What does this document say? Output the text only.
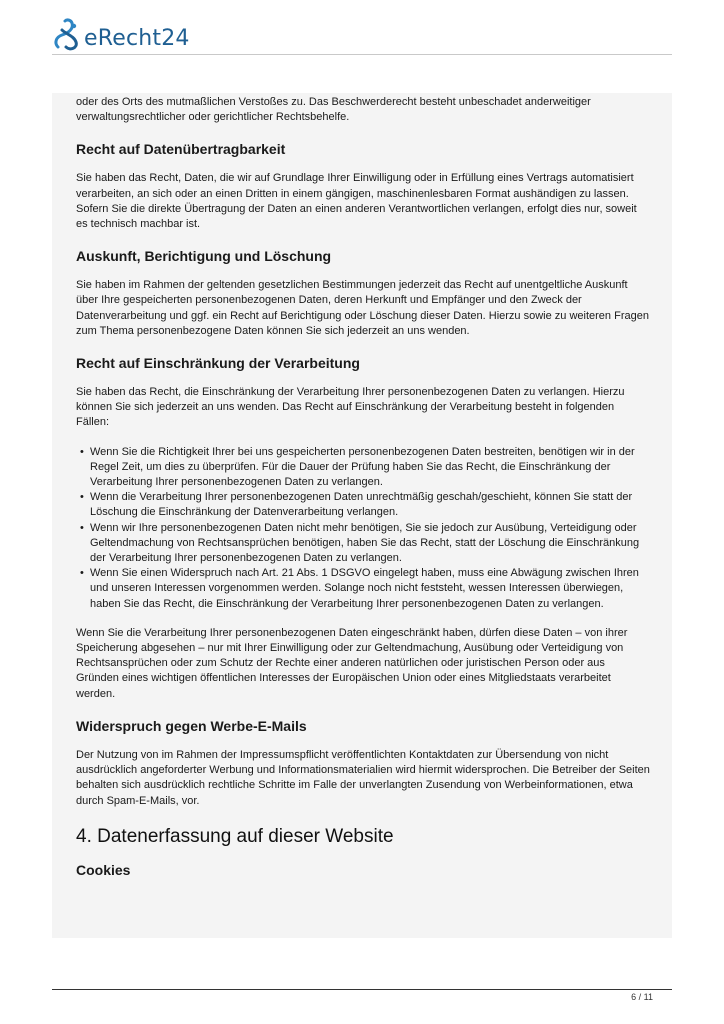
eRecht24

oder des Orts des mutmaßlichen Verstoßes zu. Das Beschwerderecht besteht unbeschadet anderweitiger verwaltungsrechtlicher oder gerichtlicher Rechtsbehelfe.

Recht auf Datenübertragbarkeit

Sie haben das Recht, Daten, die wir auf Grundlage Ihrer Einwilligung oder in Erfüllung eines Vertrags automatisiert verarbeiten, an sich oder an einen Dritten in einem gängigen, maschinenlesbaren Format aushändigen zu lassen. Sofern Sie die direkte Übertragung der Daten an einen anderen Verantwortlichen verlangen, erfolgt dies nur, soweit es technisch machbar ist.

Auskunft, Berichtigung und Löschung

Sie haben im Rahmen der geltenden gesetzlichen Bestimmungen jederzeit das Recht auf unentgeltliche Auskunft über Ihre gespeicherten personenbezogenen Daten, deren Herkunft und Empfänger und den Zweck der Datenverarbeitung und ggf. ein Recht auf Berichtigung oder Löschung dieser Daten. Hierzu sowie zu weiteren Fragen zum Thema personenbezogene Daten können Sie sich jederzeit an uns wenden.

Recht auf Einschränkung der Verarbeitung

Sie haben das Recht, die Einschränkung der Verarbeitung Ihrer personenbezogenen Daten zu verlangen. Hierzu können Sie sich jederzeit an uns wenden. Das Recht auf Einschränkung der Verarbeitung besteht in folgenden Fällen:

• Wenn Sie die Richtigkeit Ihrer bei uns gespeicherten personenbezogenen Daten bestreiten, benötigen wir in der Regel Zeit, um dies zu überprüfen. Für die Dauer der Prüfung haben Sie das Recht, die Einschränkung der Verarbeitung Ihrer personenbezogenen Daten zu verlangen.
• Wenn die Verarbeitung Ihrer personenbezogenen Daten unrechtmäßig geschah/geschieht, können Sie statt der Löschung die Einschränkung der Datenverarbeitung verlangen.
• Wenn wir Ihre personenbezogenen Daten nicht mehr benötigen, Sie sie jedoch zur Ausübung, Verteidigung oder Geltendmachung von Rechtsansprüchen benötigen, haben Sie das Recht, statt der Löschung die Einschränkung der Verarbeitung Ihrer personenbezogenen Daten zu verlangen.
• Wenn Sie einen Widerspruch nach Art. 21 Abs. 1 DSGVO eingelegt haben, muss eine Abwägung zwischen Ihren und unseren Interessen vorgenommen werden. Solange noch nicht feststeht, wessen Interessen überwiegen, haben Sie das Recht, die Einschränkung der Verarbeitung Ihrer personenbezogenen Daten zu verlangen.

Wenn Sie die Verarbeitung Ihrer personenbezogenen Daten eingeschränkt haben, dürfen diese Daten – von ihrer Speicherung abgesehen – nur mit Ihrer Einwilligung oder zur Geltendmachung, Ausübung oder Verteidigung von Rechtsansprüchen oder zum Schutz der Rechte einer anderen natürlichen oder juristischen Person oder aus Gründen eines wichtigen öffentlichen Interesses der Europäischen Union oder eines Mitgliedstaats verarbeitet werden.

Widerspruch gegen Werbe-E-Mails

Der Nutzung von im Rahmen der Impressumspflicht veröffentlichten Kontaktdaten zur Übersendung von nicht ausdrücklich angeforderter Werbung und Informationsmaterialien wird hiermit widersprochen. Die Betreiber der Seiten behalten sich ausdrücklich rechtliche Schritte im Falle der unverlangten Zusendung von Werbeinformationen, etwa durch Spam-E-Mails, vor.

4. Datenerfassung auf dieser Website
Cookies
6 / 11
